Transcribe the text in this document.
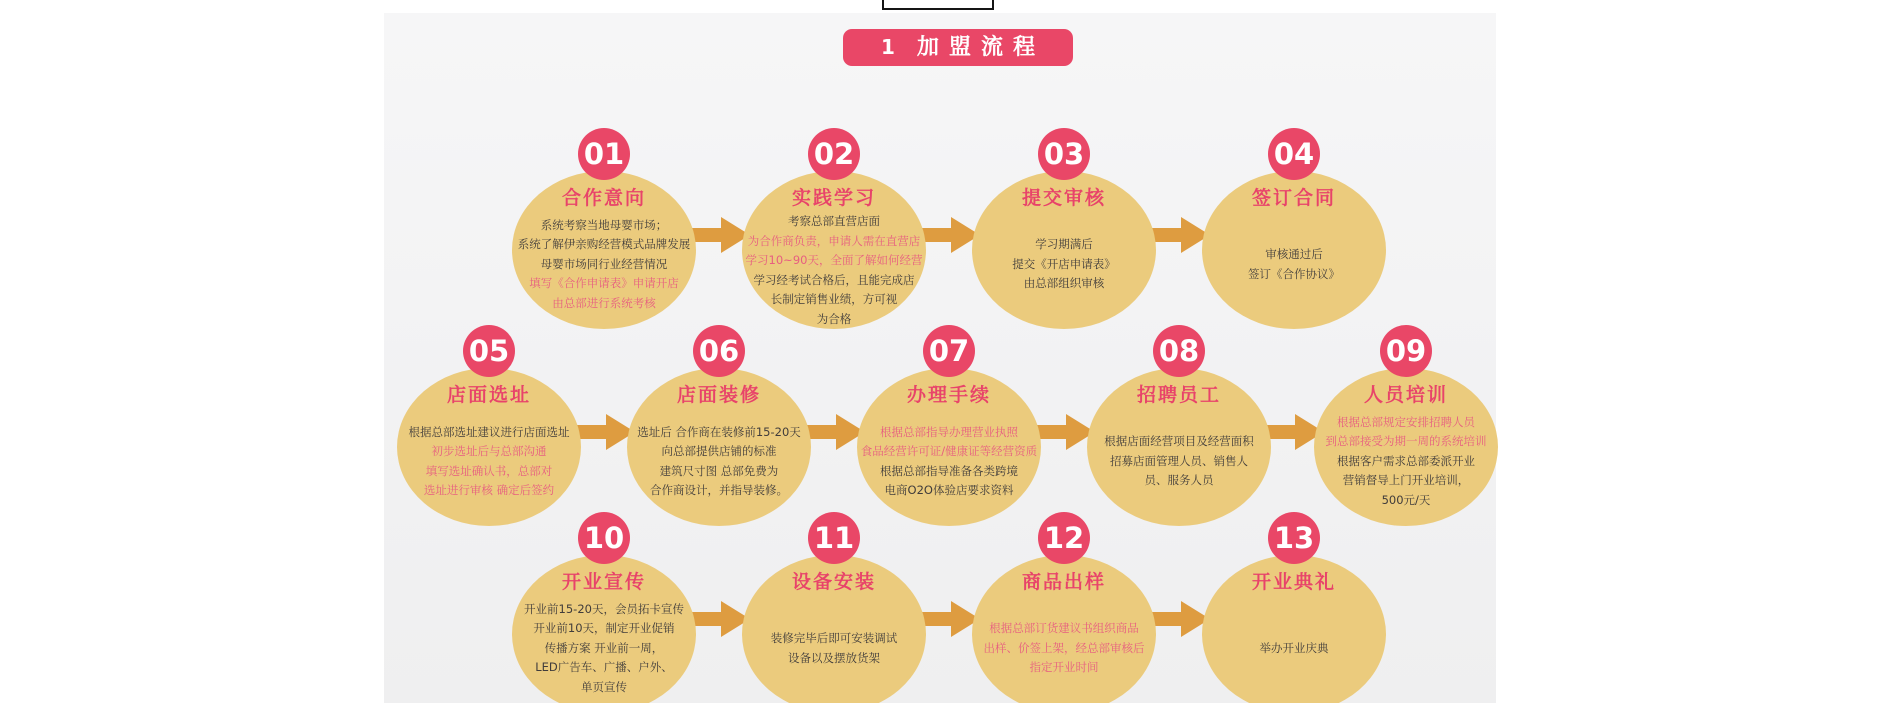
1 加盟流程
01
合作意向
系统考察当地母婴市场；
系统了解伊亲购经营模式品牌发展
母婴市场同行业经营情况
填写《合作申请表》申请开店
由总部进行系统考核
02
实践学习
考察总部直营店面
为合作商负责，申请人需在直营店
学习10~90天，全面了解如何经营
学习经考试合格后，且能完成店
长制定销售业绩，方可视
为合格
03
提交审核
学习期满后
提交《开店申请表》
由总部组织审核
04
签订合同
审核通过后
签订《合作协议》
05
店面选址
根据总部选址建议进行店面选址
初步选址后与总部沟通
填写选址确认书，总部对
选址进行审核 确定后签约
06
店面装修
选址后 合作商在装修前15-20天
向总部提供店铺的标准
建筑尺寸图 总部免费为
合作商设计，并指导装修。
07
办理手续
根据总部指导办理营业执照
食品经营许可证/健康证等经营资质
根据总部指导准备各类跨境
电商O2O体验店要求资料
08
招聘员工
根据店面经营项目及经营面积
招募店面管理人员、销售人
员、服务人员
09
人员培训
根据总部规定安排招聘人员
到总部接受为期一周的系统培训
根据客户需求总部委派开业
营销督导上门开业培训，
500元/天
10
开业宣传
开业前15-20天，会员拓卡宣传
开业前10天，制定开业促销
传播方案 开业前一周，
LED广告车、广播、户外、
单页宣传
11
设备安装
装修完毕后即可安装调试
设备以及摆放货架
12
商品出样
根据总部订货建议书组织商品
出样、价签上架，经总部审核后
指定开业时间
13
开业典礼
举办开业庆典
